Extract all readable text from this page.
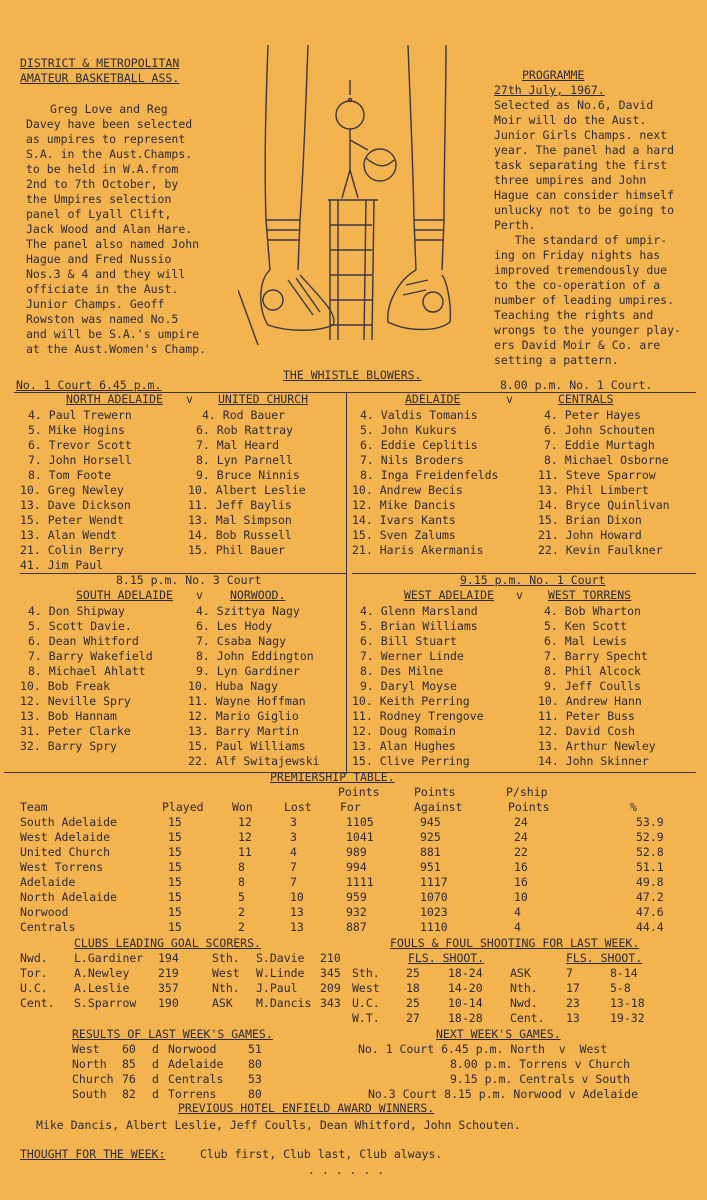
DISTRICT & METROPOLITAN
AMATEUR BASKETBALL ASS.
Greg Love and Reg
Davey have been selected
as umpires to represent
S.A. in the Aust.Champs.
to be held in W.A.from
2nd to 7th October, by
the Umpires selection
panel of Lyall Clift,
Jack Wood and Alan Hare.
The panel also named John
Hague and Fred Nussio
Nos.3 & 4 and they will
officiate in the Aust.
Junior Champs. Geoff
Rowston was named No.5
and will be S.A.'s umpire
at the Aust.Women's Champ.
PROGRAMME
27th July, 1967.
Selected as No.6, David
Moir will do the Aust.
Junior Girls Champs. next
year. The panel had a hard
task separating the first
three umpires and John
Hague can consider himself
unlucky not to be going to
Perth.
The standard of umpir-
ing on Friday nights has
improved tremendously due
to the co-operation of a
number of leading umpires.
Teaching the rights and
wrongs to the younger play-
ers David Moir & Co. are
setting a pattern.
THE WHISTLE BLOWERS.
No. 1 Court 6.45 p.m.	8.00 p.m. No. 1 Court.
NORTH ADELAIDE v UNITED CHURCH	ADELAIDE	v	CENTRALS
4. Paul Trewern
5. Mike Hogins
6. Trevor Scott
7. John Horsell
8. Tom Foote
10. Greg Newley
13. Dave Dickson
15. Peter Wendt
13. Alan Wendt
21. Colin Berry
41. Jim Paul
4. Rod Bauer
6. Rob Rattray
7. Mal Heard
8. Lyn Parnell
9. Bruce Ninnis
10. Albert Leslie
11. Jeff Baylis
13. Mal Simpson
14. Bob Russell
15. Phil Bauer
4. Valdis Tomanis
5. John Kukurs
6. Eddie Ceplitis
7. Nils Broders
8. Inga Freidenfelds
10. Andrew Becis
12. Mike Dancis
14. Ivars Kants
15. Sven Zalums
21. Haris Akermanis
4. Peter Hayes
6. John Schouten
7. Eddie Murtagh
8. Michael Osborne
11. Steve Sparrow
13. Phil Limbert
14. Bryce Quinlivan
15. Brian Dixon
21. John Howard
22. Kevin Faulkner
8.15 p.m. No. 3 Court	9.15 p.m. No. 1 Court
SOUTH ADELAIDE v NORWOOD.	WEST ADELAIDE v WEST TORRENS
4. Don Shipway
5. Scott Davie.
6. Dean Whitford
7. Barry Wakefield
8. Michael Ahlatt
10. Bob Freak
12. Neville Spry
13. Bob Hannam
31. Peter Clarke
32. Barry Spry
4. Szittya Nagy
6. Les Hody
7. Csaba Nagy
8. John Eddington
9. Lyn Gardiner
10. Huba Nagy
11. Wayne Hoffman
12. Mario Giglio
13. Barry Martin
15. Paul Williams
22. Alf Switajewski
4. Glenn Marsland
5. Brian Williams
6. Bill Stuart
7. Werner Linde
8. Des Milne
9. Daryl Moyse
10. Keith Perring
11. Rodney Trengove
12. Doug Romain
13. Alan Hughes
15. Clive Perring
4. Bob Wharton
5. Ken Scott
6. Mal Lewis
7. Barry Specht
8. Phil Alcock
9. Jeff Coulls
10. Andrew Hann
11. Peter Buss
12. David Cosh
13. Arthur Newley
14. John Skinner
PREMIERSHIP TABLE.
Points	Points	P/ship
Team	Played Won	Lost For	Against	Points	%
South Adelaide	15	12	3	1105	945	24	53.9
West Adelaide	15	12	3	1041	925	24	52.9
United Church	15	11	4	989	881	22	52.8
West Torrens	15	8	7	994	951	16	51.1
Adelaide	15	8	7	1111	1117	16	49.8
North Adelaide	15	5	10	959	1070	10	47.2
Norwood	15	2	13	932	1023	4	47.6
Centrals	15	2	13	887	1110	4	44.4
CLUBS LEADING GOAL SCORERS.	FOULS & FOUL SHOOTING FOR LAST WEEK.
FLS. SHOOT.	FLS. SHOOT.
Nwd. L.Gardiner 194	Sth. S.Davie 210
Tor. A.Newley 219	West W.Linde 345
U.C. A.Leslie 357	Nth. J.Paul 209
Cent. S.Sparrow 190	ASK M.Dancis 343
Sth. 25 18-24 ASK	7	8-14
West 18 14-20 Nth. 17	5-8
U.C. 25 10-14 Nwd. 23	13-18
W.T. 27 18-28 Cent. 13	19-32
RESULTS OF LAST WEEK'S GAMES.	NEXT WEEK'S GAMES.
West 60 d Norwood	51
North 85 d Adelaide 80
Church 76 d Centrals 53
South 82 d Torrens	80
No. 1 Court 6.45 p.m. North  v  West
8.00 p.m. Torrens v Church
9.15 p.m. Centrals v South
No.3 Court 8.15 p.m. Norwood v Adelaide
PREVIOUS HOTEL ENFIELD AWARD WINNERS.
Mike Dancis, Albert Leslie, Jeff Coulls, Dean Whitford, John Schouten.
THOUGHT FOR THE WEEK:	Club first, Club last, Club always.
. . . . . .
